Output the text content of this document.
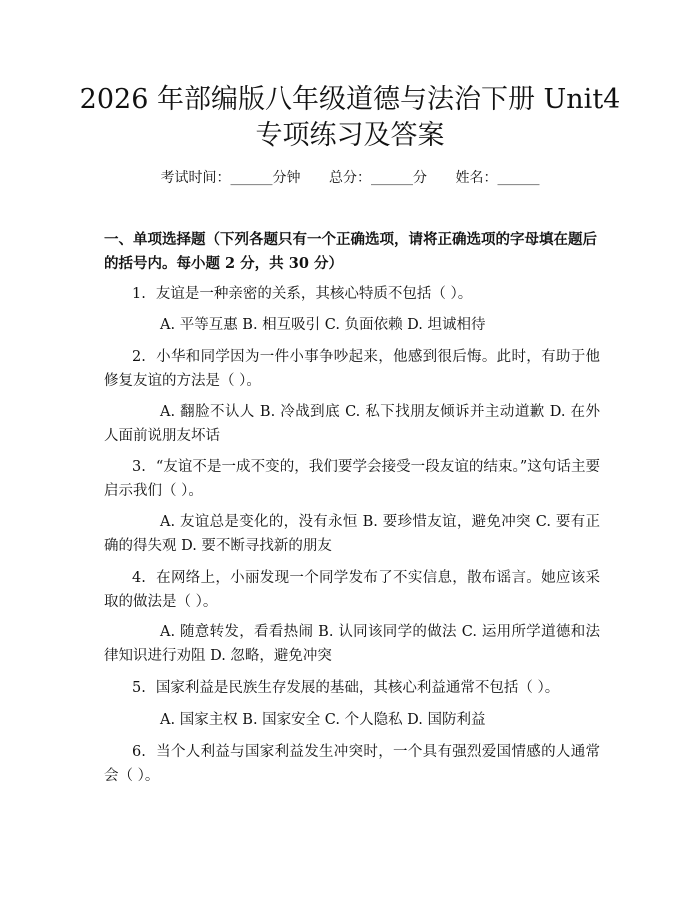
2026 年部编版八年级道德与法治下册 Unit4
专项练习及答案
考试时间：______分钟 总分：______分 姓名：______
一、单项选择题（下列各题只有一个正确选项，请将正确选项的字母填在题后的括号内。每小题 2 分，共 30 分）
1. 友谊是一种亲密的关系，其核心特质不包括（ ）。
A. 平等互惠 B. 相互吸引 C. 负面依赖 D. 坦诚相待
2. 小华和同学因为一件小事争吵起来，他感到很后悔。此时，有助于他修复友谊的方法是（ ）。
A. 翻脸不认人 B. 冷战到底 C. 私下找朋友倾诉并主动道歉 D. 在外人面前说朋友坏话
3. “友谊不是一成不变的，我们要学会接受一段友谊的结束。”这句话主要启示我们（ ）。
A. 友谊总是变化的，没有永恒 B. 要珍惜友谊，避免冲突 C. 要有正确的得失观 D. 要不断寻找新的朋友
4. 在网络上，小丽发现一个同学发布了不实信息，散布谣言。她应该采取的做法是（ ）。
A. 随意转发，看看热闹 B. 认同该同学的做法 C. 运用所学道德和法律知识进行劝阻 D. 忽略，避免冲突
5. 国家利益是民族生存发展的基础，其核心利益通常不包括（ ）。
A. 国家主权 B. 国家安全 C. 个人隐私 D. 国防利益
6. 当个人利益与国家利益发生冲突时，一个具有强烈爱国情感的人通常会（ ）。
